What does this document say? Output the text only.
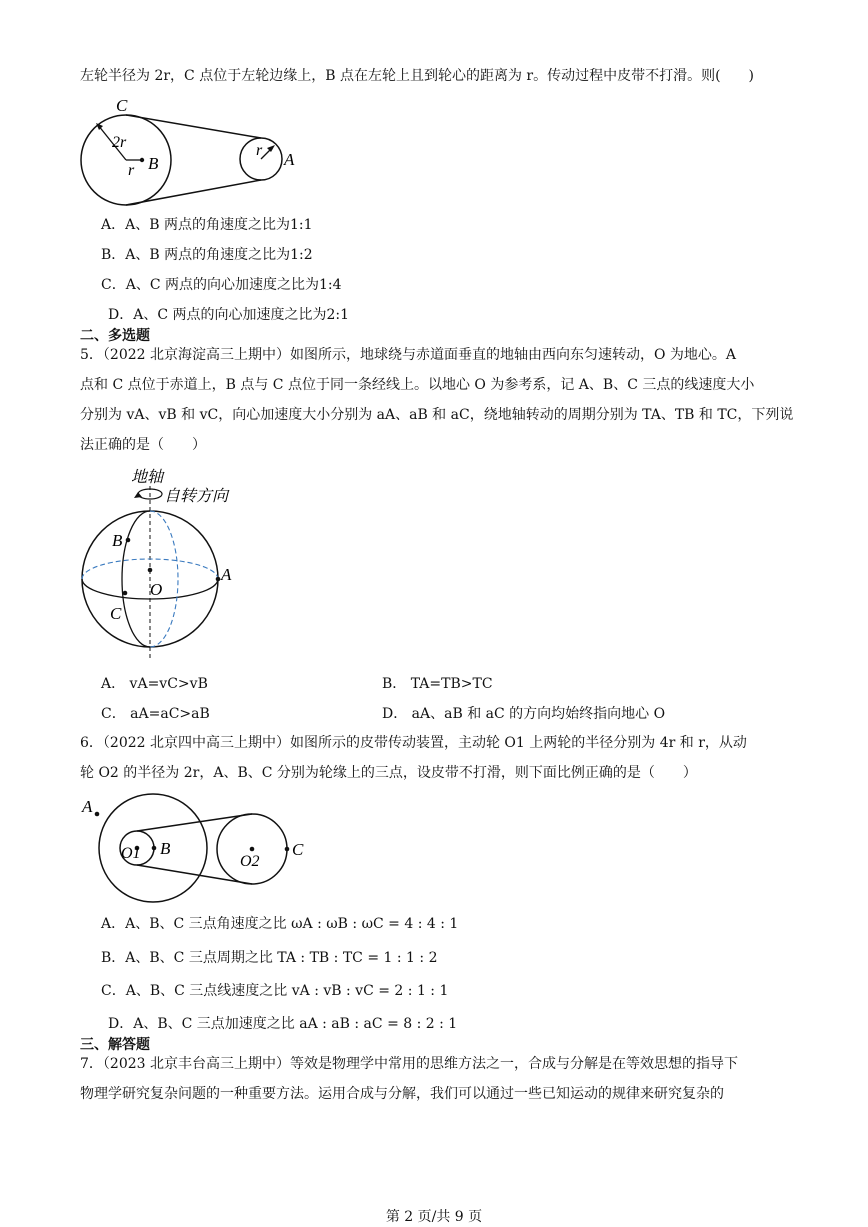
左轮半径为 2r，C 点位于左轮边缘上，B 点在左轮上且到轮心的距离为 r。传动过程中皮带不打滑。则(　　)
C
2r
r B
r A
A．A、B 两点的角速度之比为1:1
B．A、B 两点的角速度之比为1:2
C．A、C 两点的向心加速度之比为1:4
D．A、C 两点的向心加速度之比为2:1
二、多选题
5．（2022 北京海淀高三上期中）如图所示，地球绕与赤道面垂直的地轴由西向东匀速转动，O 为地心。A
点和 C 点位于赤道上，B 点与 C 点位于同一条经线上。以地心 O 为参考系，记 A、B、C 三点的线速度大小
分别为 vA、vB 和 vC，向心加速度大小分别为 aA、aB 和 aC，绕地轴转动的周期分别为 TA、TB 和 TC，下列说
法正确的是（　　）
地轴
自转方向
B
A
O
C
A． vA=vC>vB	B． TA=TB>TC
C． aA=aC>aB	D． aA、aB 和 aC 的方向均始终指向地心 O
6．（2022 北京四中高三上期中）如图所示的皮带传动装置，主动轮 O1 上两轮的半径分别为 4r 和 r，从动
轮 O2 的半径为 2r，A、B、C 分别为轮缘上的三点，设皮带不打滑，则下面比例正确的是（　　）
A
O1 B
O2
C
A．A、B、C 三点角速度之比 ωA : ωB : ωC = 4 : 4 : 1
B．A、B、C 三点周期之比 TA : TB : TC = 1 : 1 : 2
C．A、B、C 三点线速度之比 vA : vB : vC = 2 : 1 : 1
D．A、B、C 三点加速度之比 aA : aB : aC = 8 : 2 : 1
三、解答题
7．（2023 北京丰台高三上期中）等效是物理学中常用的思维方法之一，合成与分解是在等效思想的指导下
物理学研究复杂问题的一种重要方法。运用合成与分解，我们可以通过一些已知运动的规律来研究复杂的
第 2 页/共 9 页
